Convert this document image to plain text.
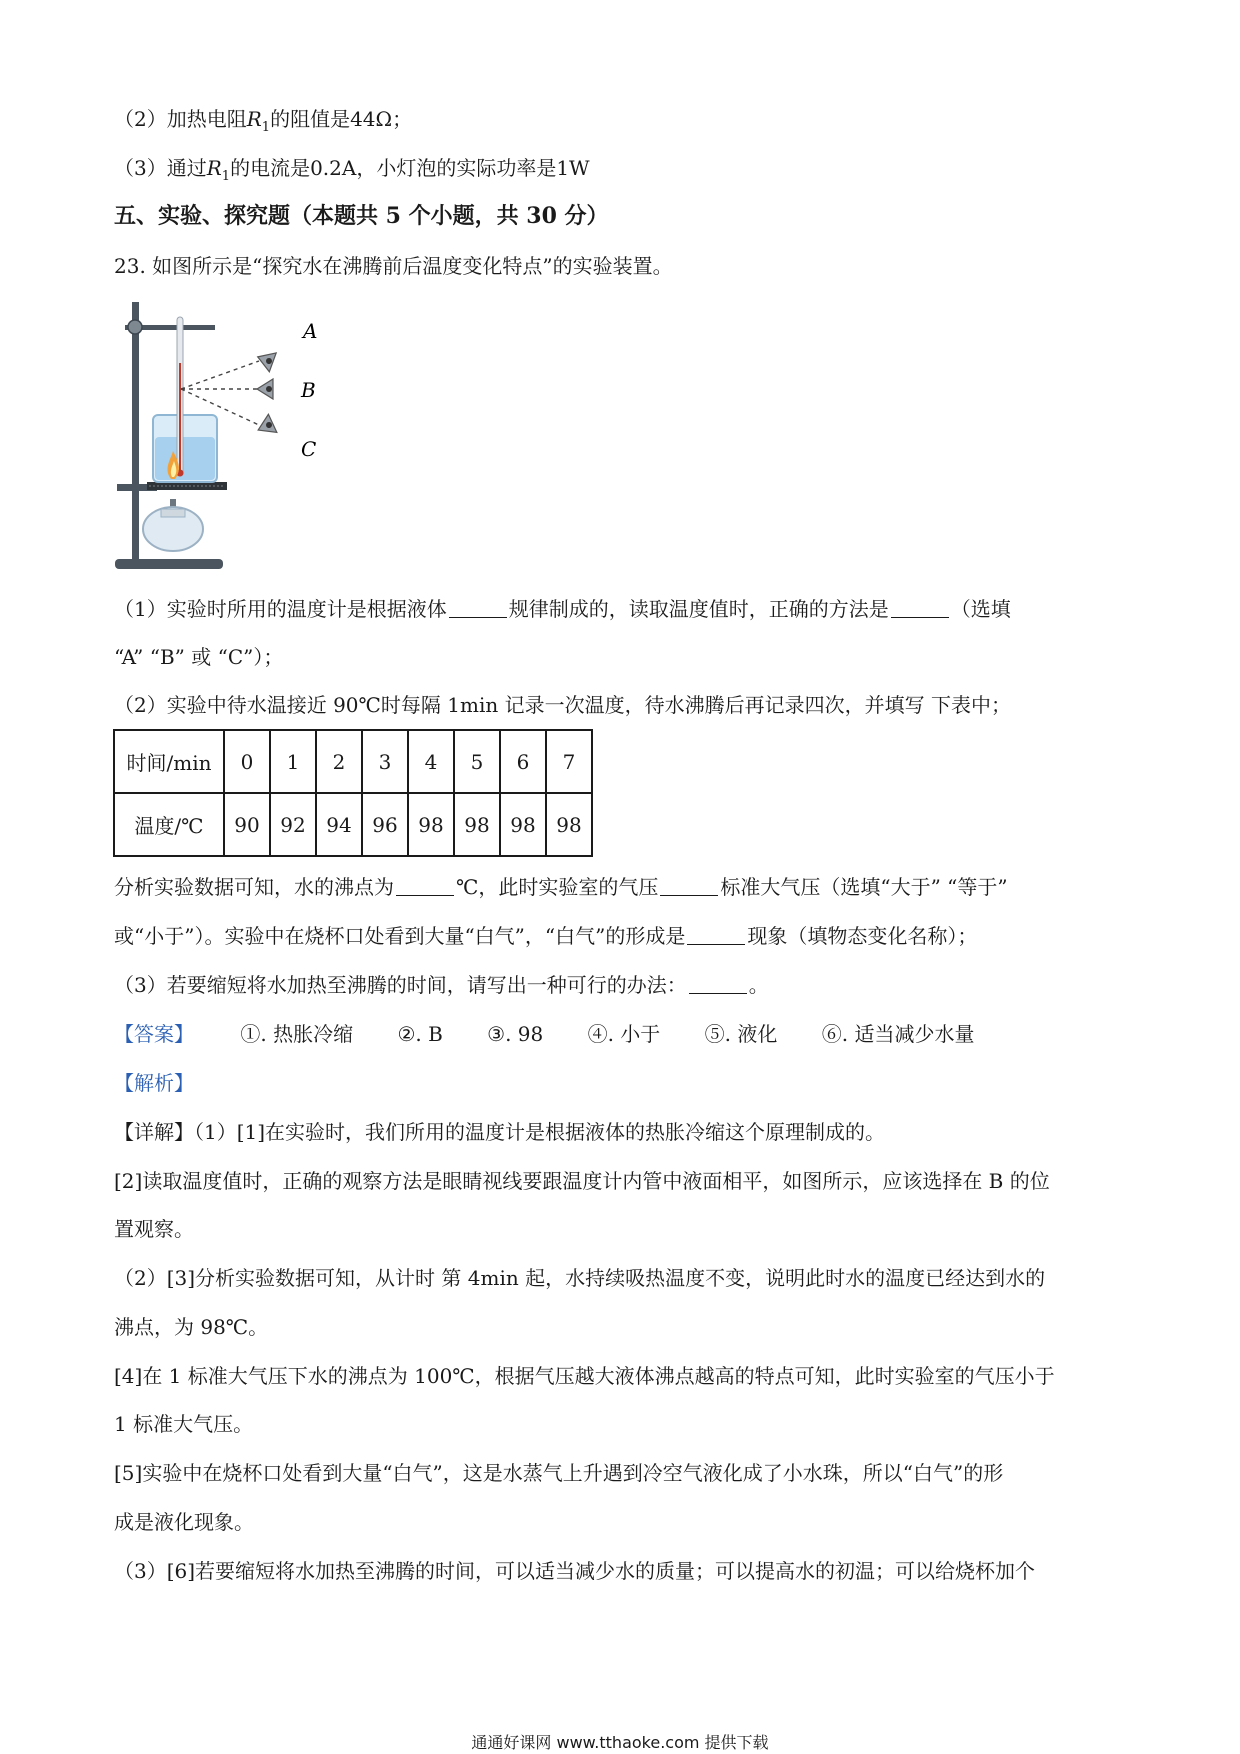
（2）加热电阻$R_1$的阻值是44Ω；
（3）通过$R_1$的电流是0.2A，小灯泡的实际功率是1W
五、实验、探究题（本题共 5 个小题，共 30 分）
23. 如图所示是“探究水在沸腾前后温度变化特点”的实验装置。
A
B
C
（1）实验时所用的温度计是根据液体	规律制成的，读取温度值时，正确的方法是	（选填
“A” “B” 或 “C”）；
（2）实验中待水温接近 90℃时每隔 1min 记录一次温度，待水沸腾后再记录四次，并填写 下表中；
时间/min	0	1	2	3	4	5	6	7
温度/℃	90	92	94	96	98	98	98	98
分析实验数据可知，水的沸点为	℃，此时实验室的气压	标准大气压（选填“大于” “等于”
或“小于”）。实验中在烧杯口处看到大量“白气”，“白气”的形成是	现象（填物态变化名称）；
（3）若要缩短将水加热至沸腾的时间，请写出一种可行的办法：	。
【答案】 ①. 热胀冷缩 ②. B ③. 98 ④. 小于 ⑤. 液化 ⑥. 适当减少水量
【解析】
【详解】（1）[1]在实验时，我们所用的温度计是根据液体的热胀冷缩这个原理制成的。
[2]读取温度值时，正确的观察方法是眼睛视线要跟温度计内管中液面相平，如图所示，应该选择在 B 的位
置观察。
（2）[3]分析实验数据可知，从计时 第 4min 起，水持续吸热温度不变，说明此时水的温度已经达到水的
沸点，为 98℃。
[4]在 1 标准大气压下水的沸点为 100℃，根据气压越大液体沸点越高的特点可知，此时实验室的气压小于
1 标准大气压。
[5]实验中在烧杯口处看到大量“白气”，这是水蒸气上升遇到冷空气液化成了小水珠，所以“白气”的形
成是液化现象。
（3）[6]若要缩短将水加热至沸腾的时间，可以适当减少水的质量；可以提高水的初温；可以给烧杯加个
通通好课网 www.tthaoke.com 提供下载
